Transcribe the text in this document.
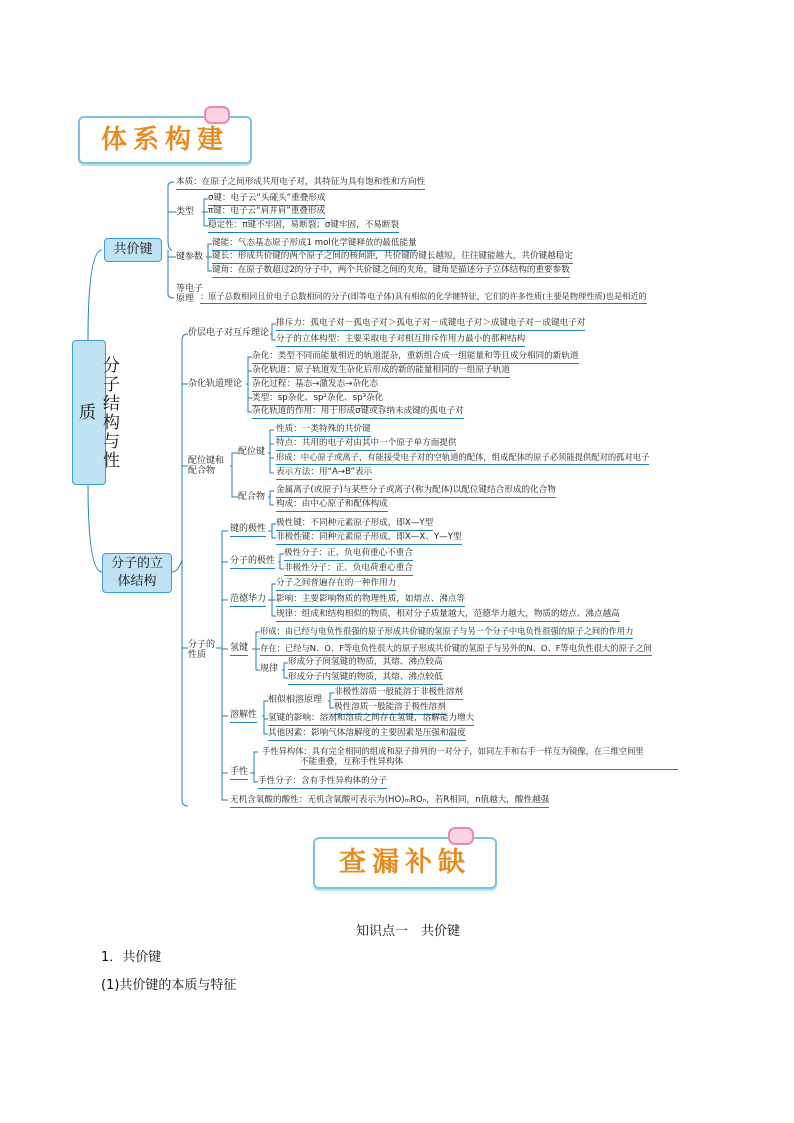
体系构建
分子结构与性质
共价键
本质：在原子之间形成共用电子对，其特征为具有饱和性和方向性
类型
σ键：电子云“头碰头”重叠形成
π键：电子云“肩并肩”重叠形成
稳定性：π键不牢固，易断裂；σ键牢固，不易断裂
键参数
键能：气态基态原子形成1 mol化学键释放的最低能量
键长：形成共价键的两个原子之间的核间距，共价键的键长越短，往往键能越大，共价键越稳定
键角：在原子数超过2的分子中，两个共价键之间的夹角，键角是描述分子立体结构的重要参数
等电子
原理 ：原子总数相同且价电子总数相同的分子(即等电子体)具有相似的化学键特征，它们的许多性质(主要是物理性质)也是相近的
分子的立体结构
价层电子对互斥理论
排斥力：孤电子对－孤电子对＞孤电子对－成键电子对＞成键电子对－成键电子对
分子的立体构型：主要采取电子对相互排斥作用力最小的那种结构
杂化轨道理论
杂化：类型不同而能量相近的轨道混杂，重新组合成一组能量和等且成分相同的新轨道
杂化轨道：原子轨道发生杂化后形成的新的能量相同的一组原子轨道
杂化过程：基态→激发态→杂化态
类型：sp杂化、sp²杂化、sp³杂化
杂化轨道的作用：用于形成σ键或容纳未成键的孤电子对
配位键和
配合物
配位键
性质：一类特殊的共价键
特点：共用的电子对由其中一个原子单方面提供
形成：中心原子或离子，有能接受电子对的空轨道的配体，组成配体的原子必须能提供配对的孤对电子
表示方法：用“A→B”表示
配合物
金属离子(或原子)与某些分子或离子(称为配体)以配位键结合形成的化合物
构成：由中心原子和配体构成
分子的
性质
键的极性
极性键：不同种元素原子形成，即X—Y型
非极性键：同种元素原子形成，即X—X、Y—Y型
分子的极性
极性分子：正、负电荷重心不重合
非极性分子：正、负电荷重心重合
范德华力
分子之间普遍存在的一种作用力
影响：主要影响物质的物理性质，如熔点、沸点等
规律：组成和结构相似的物质，相对分子质量越大，范德华力越大，物质的熔点、沸点越高
氢键
形成：由已经与电负性很强的原子形成共价键的氢原子与另一个分子中电负性很强的原子之间的作用力
存在：已经与N、O、F等电负性很大的原子形成共价键的氢原子与另外的N、O、F等电负性很大的原子之间
规律
形成分子间氢键的物质，其熔、沸点较高
形成分子内氢键的物质，其熔、沸点较低
溶解性
相似相溶原理
非极性溶质一般能溶于非极性溶剂
极性溶质一般能溶于极性溶剂
氢键的影响：溶剂和溶质之间存在氢键，溶解能力增大
其他因素：影响气体溶解度的主要因素是压强和温度
手性
手性异构体：具有完全相同的组成和原子排列的一对分子，如同左手和右手一样互为镜像，在三维空间里
不能重叠，互称手性异构体
手性分子：含有手性异构体的分子
无机含氧酸的酸性：无机含氧酸可表示为(HO)ₘROₙ，若R相同，n值越大，酸性越强
查漏补缺
知识点一　共价键
1．共价键
(1)共价键的本质与特征
